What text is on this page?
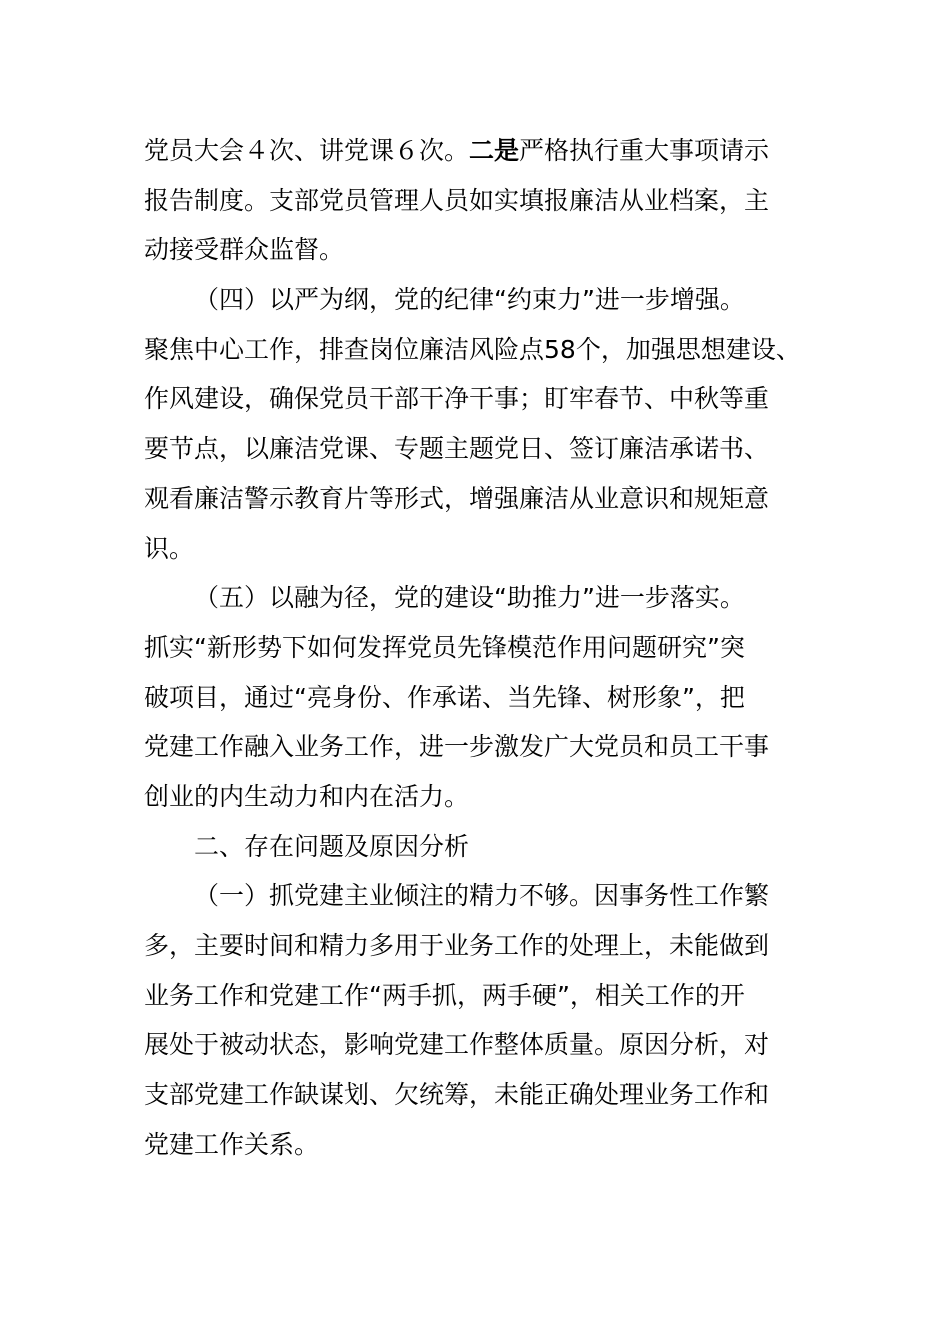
党员大会４次、讲党课６次。二是严格执行重大事项请示
报告制度。支部党员管理人员如实填报廉洁从业档案，主
动接受群众监督。
（四）以严为纲，党的纪律“约束力”进一步增强。
聚焦中心工作，排查岗位廉洁风险点58个，加强思想建设、
作风建设，确保党员干部干净干事；盯牢春节、中秋等重
要节点，以廉洁党课、专题主题党日、签订廉洁承诺书、
观看廉洁警示教育片等形式，增强廉洁从业意识和规矩意
识。
（五）以融为径，党的建设“助推力”进一步落实。
抓实“新形势下如何发挥党员先锋模范作用问题研究”突
破项目，通过“亮身份、作承诺、当先锋、树形象”，把
党建工作融入业务工作，进一步激发广大党员和员工干事
创业的内生动力和内在活力。
二、存在问题及原因分析
（一）抓党建主业倾注的精力不够。因事务性工作繁
多，主要时间和精力多用于业务工作的处理上，未能做到
业务工作和党建工作“两手抓，两手硬”，相关工作的开
展处于被动状态，影响党建工作整体质量。原因分析，对
支部党建工作缺谋划、欠统筹，未能正确处理业务工作和
党建工作关系。
